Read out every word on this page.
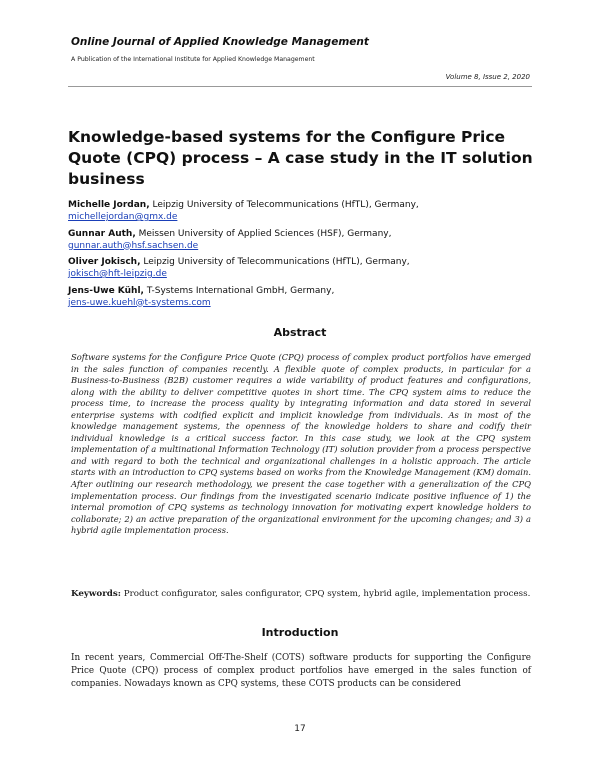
Online Journal of Applied Knowledge Management
A Publication of the International Institute for Applied Knowledge Management
Volume 8, Issue 2, 2020
Knowledge-based systems for the Configure Price Quote (CPQ) process – A case study in the IT solution business
Michelle Jordan, Leipzig University of Telecommunications (HfTL), Germany,
michellejordan@gmx.de
Gunnar Auth, Meissen University of Applied Sciences (HSF), Germany,
gunnar.auth@hsf.sachsen.de
Oliver Jokisch, Leipzig University of Telecommunications (HfTL), Germany,
jokisch@hft-leipzig.de
Jens-Uwe Kühl, T-Systems International GmbH, Germany,
jens-uwe.kuehl@t-systems.com
Abstract
Software systems for the Configure Price Quote (CPQ) process of complex product portfolios have emerged in the sales function of companies recently. A flexible quote of complex products, in particular for a Business-to-Business (B2B) customer requires a wide variability of product features and configurations, along with the ability to deliver competitive quotes in short time. The CPQ system aims to reduce the process time, to increase the process quality by integrating information and data stored in several enterprise systems with codified explicit and implicit knowledge from individuals. As in most of the knowledge management systems, the openness of the knowledge holders to share and codify their individual knowledge is a critical success factor. In this case study, we look at the CPQ system implementation of a multinational Information Technology (IT) solution provider from a process perspective and with regard to both the technical and organizational challenges in a holistic approach. The article starts with an introduction to CPQ systems based on works from the Knowledge Management (KM) domain. After outlining our research methodology, we present the case together with a generalization of the CPQ implementation process. Our findings from the investigated scenario indicate positive influence of 1) the internal promotion of CPQ systems as technology innovation for motivating expert knowledge holders to collaborate; 2) an active preparation of the organizational environment for the upcoming changes; and 3) a hybrid agile implementation process.
Keywords: Product configurator, sales configurator, CPQ system, hybrid agile, implementation process.
Introduction
In recent years, Commercial Off-The-Shelf (COTS) software products for supporting the Configure Price Quote (CPQ) process of complex product portfolios have emerged in the sales function of companies. Nowadays known as CPQ systems, these COTS products can be considered
17
